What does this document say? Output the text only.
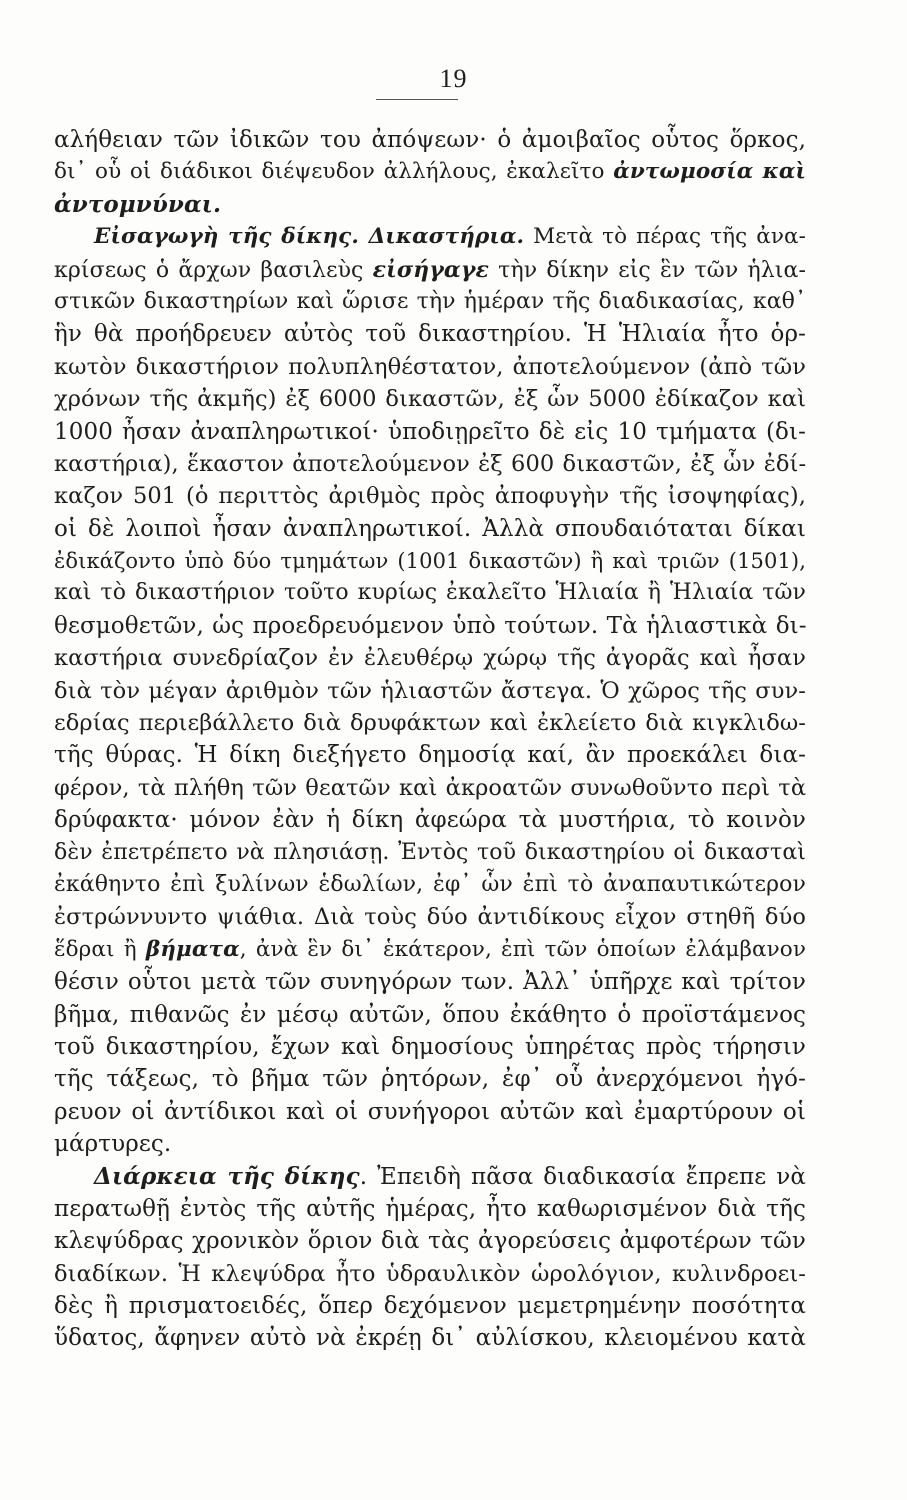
19
αλήθειαν τῶν ἰδικῶν του ἀπόψεων· ὁ ἀμοιβαῖος οὗτος ὅρκος,
δι᾽ οὗ οἱ διάδικοι διέψευδον ἀλλήλους, ἐκαλεῖτο ἀντωμοσία καὶ
ἀντομνύναι.
Εἰσαγωγὴ τῆς δίκης. Δικαστήρια. Μετὰ τὸ πέρας τῆς ἀνα-
κρίσεως ὁ ἄρχων βασιλεὺς εἰσήγαγε τὴν δίκην εἰς ἓν τῶν ἡλια-
στικῶν δικαστηρίων καὶ ὥρισε τὴν ἡμέραν τῆς διαδικασίας, καθ᾽
ἣν θὰ προήδρευεν αὐτὸς τοῦ δικαστηρίου. Ἡ Ἡλιαία ἦτο ὁρ-
κωτὸν δικαστήριον πολυπληθέστατον, ἀποτελούμενον (ἀπὸ τῶν
χρόνων τῆς ἀκμῆς) ἐξ 6000 δικαστῶν, ἐξ ὧν 5000 ἐδίκαζον καὶ
1000 ἦσαν ἀναπληρωτικοί· ὑποδιῃρεῖτο δὲ εἰς 10 τμήματα (δι-
καστήρια), ἕκαστον ἀποτελούμενον ἐξ 600 δικαστῶν, ἐξ ὧν ἐδί-
καζον 501 (ὁ περιττὸς ἀριθμὸς πρὸς ἀποφυγὴν τῆς ἰσοψηφίας),
οἱ δὲ λοιποὶ ἦσαν ἀναπληρωτικοί. Ἀλλὰ σπουδαιόταται δίκαι
ἐδικάζοντο ὑπὸ δύο τμημάτων (1001 δικαστῶν) ἢ καὶ τριῶν (1501),
καὶ τὸ δικαστήριον τοῦτο κυρίως ἐκαλεῖτο Ἡλιαία ἢ Ἡλιαία τῶν
θεσμοθετῶν, ὡς προεδρευόμενον ὑπὸ τούτων. Τὰ ἡλιαστικὰ δι-
καστήρια συνεδρίαζον ἐν ἐλευθέρῳ χώρῳ τῆς ἀγορᾶς καὶ ἦσαν
διὰ τὸν μέγαν ἀριθμὸν τῶν ἡλιαστῶν ἄστεγα. Ὁ χῶρος τῆς συν-
εδρίας περιεβάλλετο διὰ δρυφάκτων καὶ ἐκλείετο διὰ κιγκλιδω-
τῆς θύρας. Ἡ δίκη διεξήγετο δημοσίᾳ καί, ἂν προεκάλει δια-
φέρον, τὰ πλήθη τῶν θεατῶν καὶ ἀκροατῶν συνωθοῦντο περὶ τὰ
δρύφακτα· μόνον ἐὰν ἡ δίκη ἀφεώρα τὰ μυστήρια, τὸ κοινὸν
δὲν ἐπετρέπετο νὰ πλησιάσῃ. Ἐντὸς τοῦ δικαστηρίου οἱ δικασταὶ
ἐκάθηντο ἐπὶ ξυλίνων ἑδωλίων, ἐφ᾽ ὧν ἐπὶ τὸ ἀναπαυτικώτερον
ἐστρώννυντο ψιάθια. Διὰ τοὺς δύο ἀντιδίκους εἶχον στηθῆ δύο
ἕδραι ἢ βήματα, ἀνὰ ἓν δι᾽ ἑκάτερον, ἐπὶ τῶν ὁποίων ἐλάμβανον
θέσιν οὗτοι μετὰ τῶν συνηγόρων των. Ἀλλ᾽ ὑπῆρχε καὶ τρίτον
βῆμα, πιθανῶς ἐν μέσῳ αὐτῶν, ὅπου ἐκάθητο ὁ προϊστάμενος
τοῦ δικαστηρίου, ἔχων καὶ δημοσίους ὑπηρέτας πρὸς τήρησιν
τῆς τάξεως, τὸ βῆμα τῶν ῥητόρων, ἐφ᾽ οὗ ἀνερχόμενοι ἠγό-
ρευον οἱ ἀντίδικοι καὶ οἱ συνήγοροι αὐτῶν καὶ ἐμαρτύρουν οἱ
μάρτυρες.
Διάρκεια τῆς δίκης. Ἐπειδὴ πᾶσα διαδικασία ἔπρεπε νὰ
περατωθῇ ἐντὸς τῆς αὐτῆς ἡμέρας, ἦτο καθωρισμένον διὰ τῆς
κλεψύδρας χρονικὸν ὅριον διὰ τὰς ἀγορεύσεις ἀμφοτέρων τῶν
διαδίκων. Ἡ κλεψύδρα ἦτο ὑδραυλικὸν ὡρολόγιον, κυλινδροει-
δὲς ἢ πρισματοειδές, ὅπερ δεχόμενον μεμετρημένην ποσότητα
ὕδατος, ἄφηνεν αὐτὸ νὰ ἐκρέῃ δι᾽ αὐλίσκου, κλειομένου κατὰ
